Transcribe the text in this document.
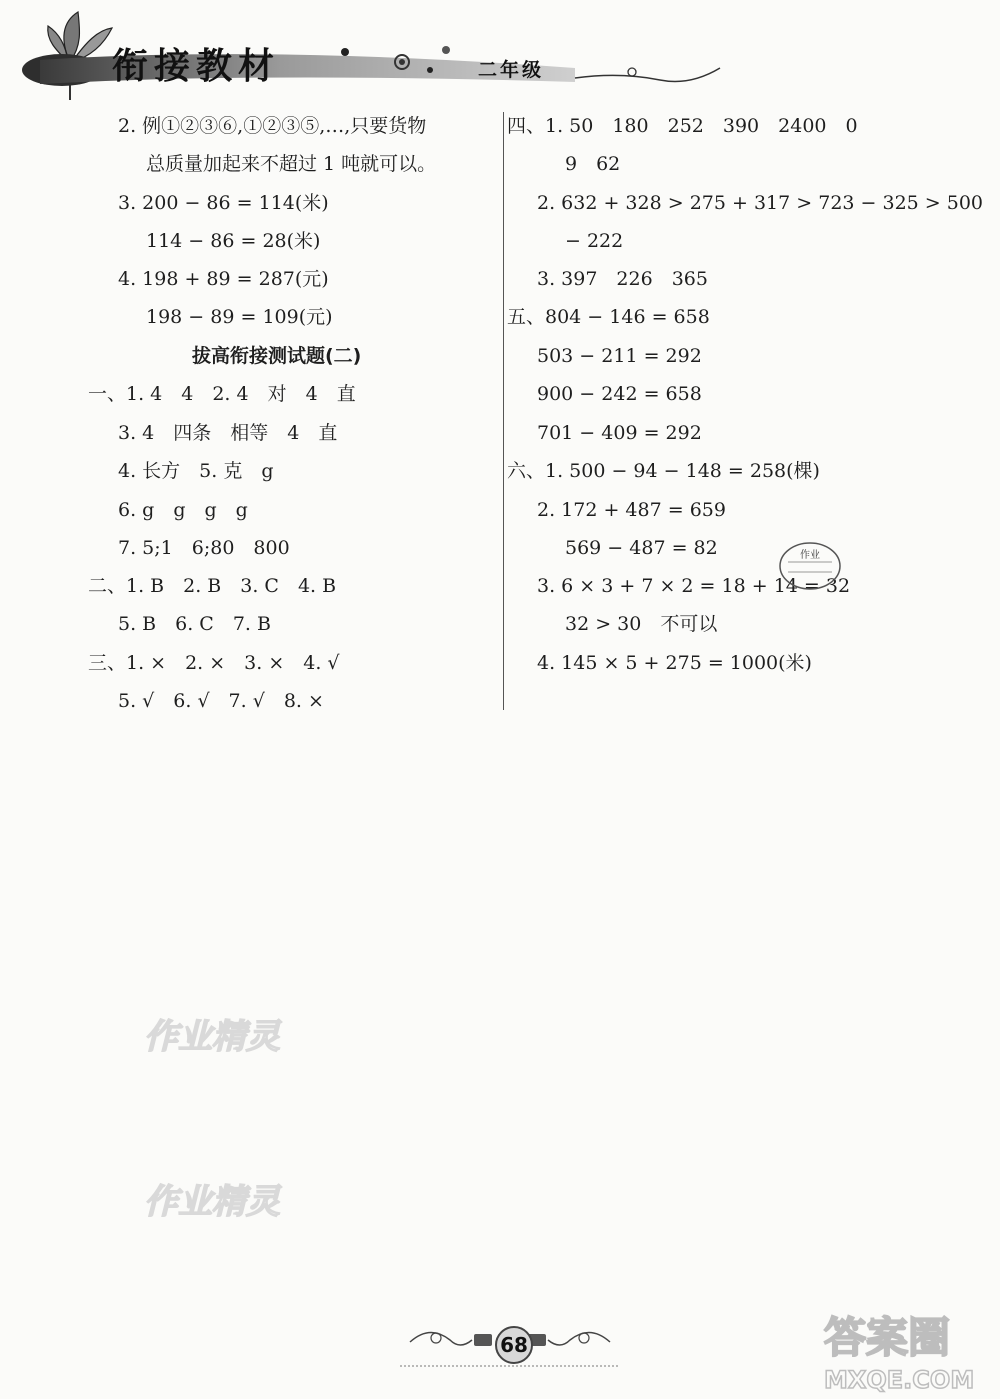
衔接教材	二年级
2. 例①②③⑥,①②③⑤,…,只要货物
总质量加起来不超过 1 吨就可以。
3. 200 − 86 = 114(米)
114 − 86 = 28(米)
4. 198 + 89 = 287(元)
198 − 89 = 109(元)
拔高衔接测试题(二)
一、1. 4　4　2. 4　对　4　直
3. 4　四条　相等　4　直
4. 长方　5. 克　g
6. g　g　g　g
7. 5;1　6;80　800
二、1. B　2. B　3. C　4. B
5. B　6. C　7. B
三、1. ×　2. ×　3. ×　4. √
5. √　6. √　7. √　8. ×
四、1. 50　180　252　390　2400　0
9　62
2. 632 + 328 > 275 + 317 > 723 − 325 > 500
− 222
3. 397　226　365
五、804 − 146 = 658
503 − 211 = 292
900 − 242 = 658
701 − 409 = 292
六、1. 500 − 94 − 148 = 258(棵)
2. 172 + 487 = 659
569 − 487 = 82
3. 6 × 3 + 7 × 2 = 18 + 14 = 32
32 > 30　不可以
4. 145 × 5 + 275 = 1000(米)
作业
作业精灵
作业精灵
68	答案圈
MXQE.COM
